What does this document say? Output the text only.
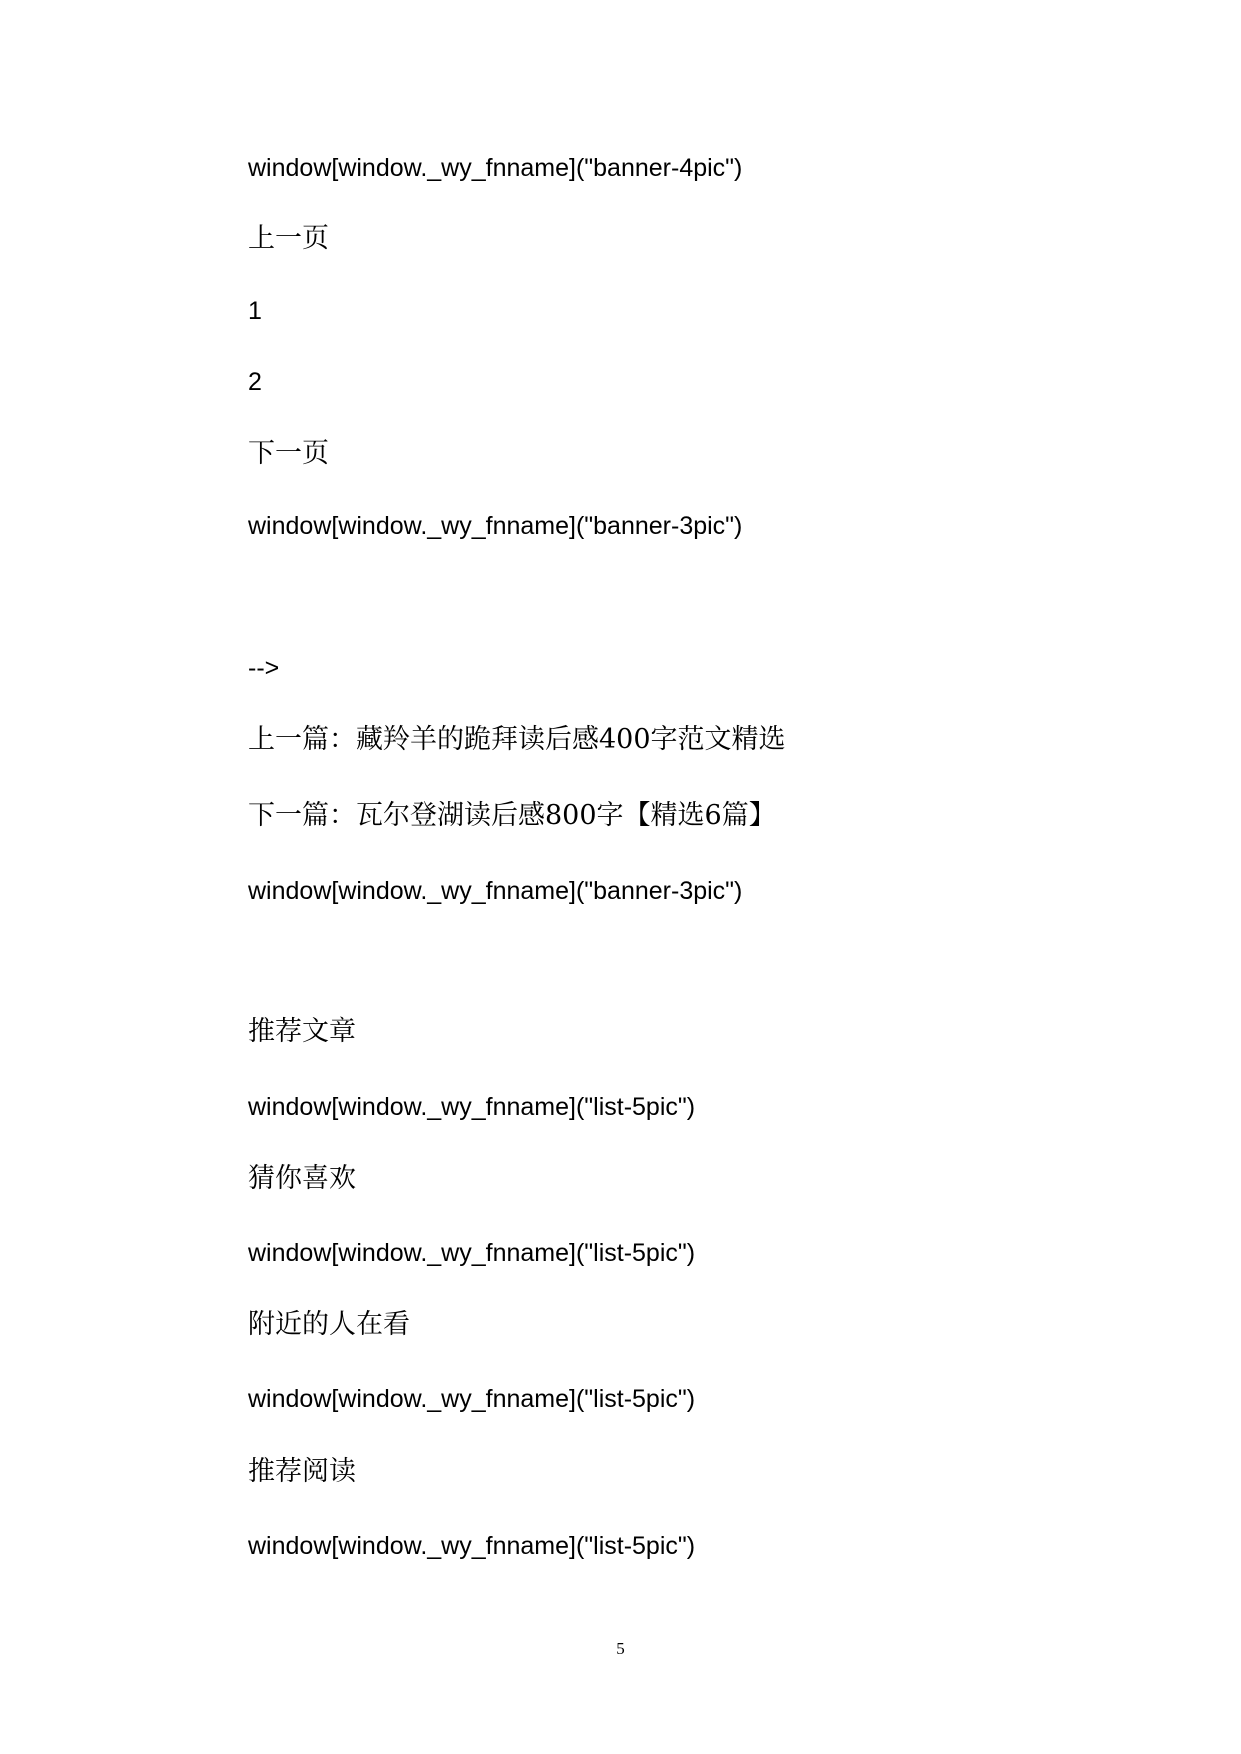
window[window._wy_fnname]("banner-4pic")
上一页
1
2
下一页
window[window._wy_fnname]("banner-3pic")
-->
上一篇：藏羚羊的跪拜读后感400字范文精选
下一篇：瓦尔登湖读后感800字【精选6篇】
window[window._wy_fnname]("banner-3pic")
推荐文章
window[window._wy_fnname]("list-5pic")
猜你喜欢
window[window._wy_fnname]("list-5pic")
附近的人在看
window[window._wy_fnname]("list-5pic")
推荐阅读
window[window._wy_fnname]("list-5pic")
5
